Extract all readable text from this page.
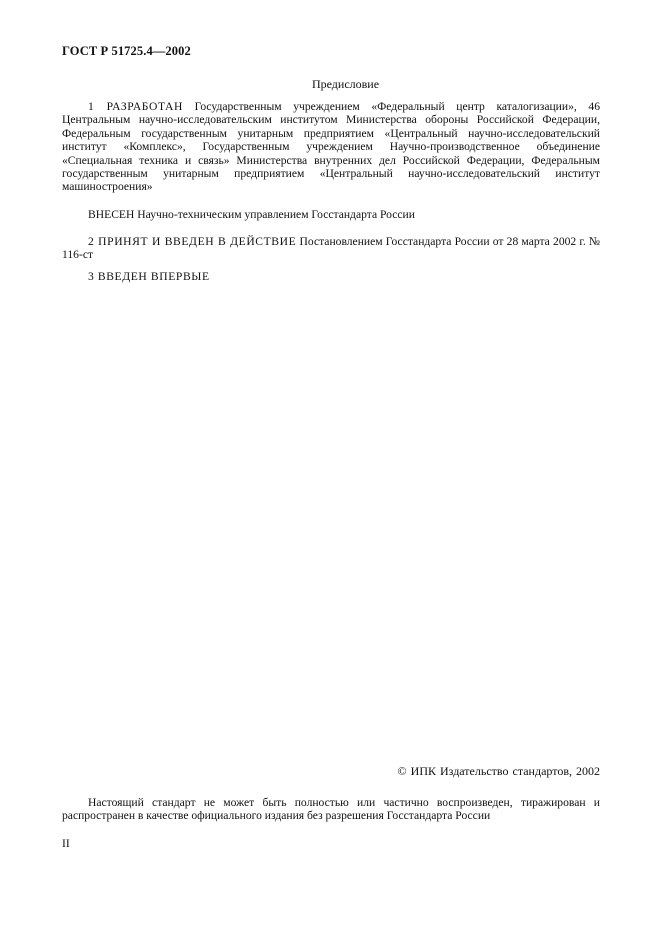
ГОСТ Р 51725.4—2002
Предисловие

1 РАЗРАБОТАН Государственным учреждением «Федеральный центр каталогизации», 46 Центральным научно-исследовательским институтом Министерства обороны Российской Федерации, Федеральным государственным унитарным предприятием «Центральный научно-исследовательский институт «Комплекс», Государственным учреждением Научно-производственное объединение «Специальная техника и связь» Министерства внутренних дел Российской Федерации, Федеральным государственным унитарным предприятием «Центральный научно-исследовательский институт машиностроения»

ВНЕСЕН Научно-техническим управлением Госстандарта России

2 ПРИНЯТ И ВВЕДЕН В ДЕЙСТВИЕ Постановлением Госстандарта России от 28 марта 2002 г. № 116-ст

3 ВВЕДЕН ВПЕРВЫЕ

© ИПК Издательство стандартов, 2002

Настоящий стандарт не может быть полностью или частично воспроизведен, тиражирован и распространен в качестве официального издания без разрешения Госстандарта России

II
